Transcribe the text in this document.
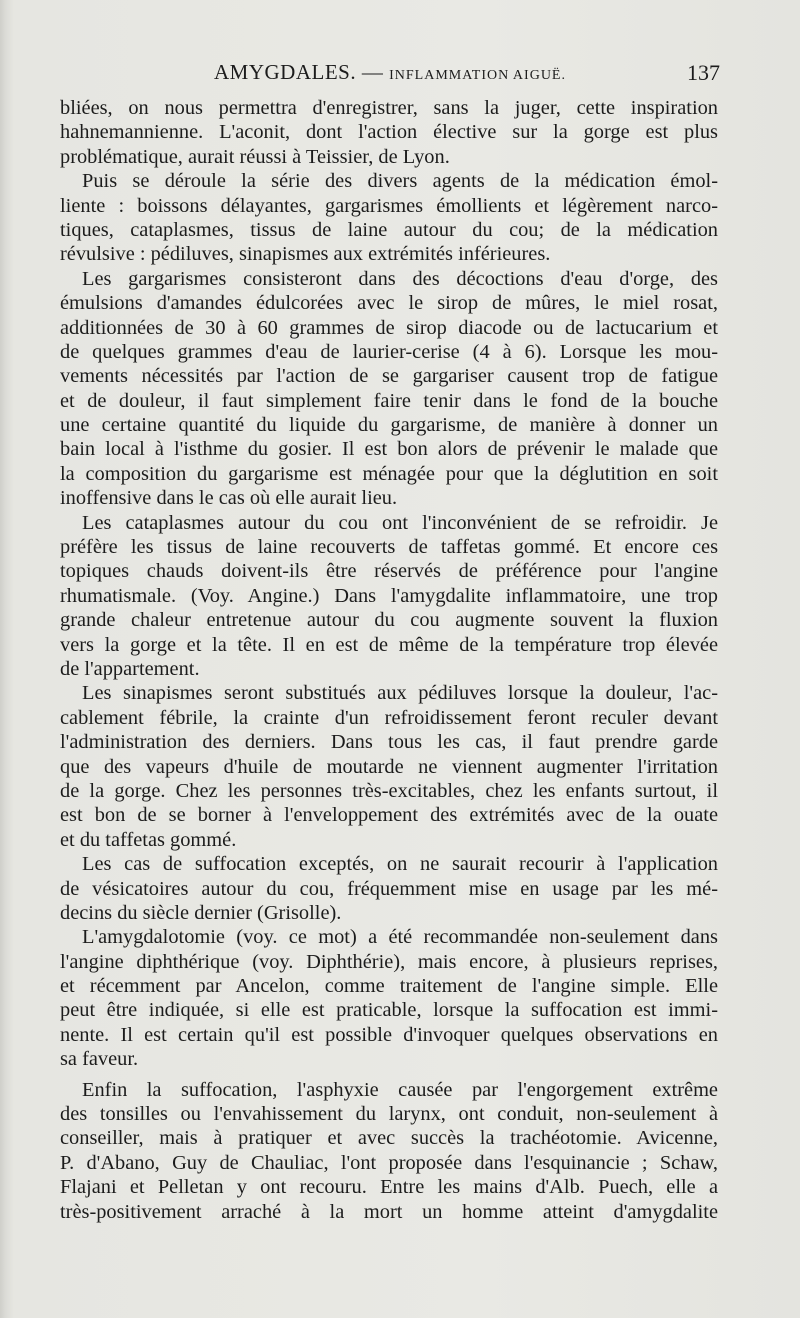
AMYGDALES. — INFLAMMATION AIGUË.	137
bliées, on nous permettra d'enregistrer, sans la juger, cette inspiration
hahnemannienne. L'aconit, dont l'action élective sur la gorge est plus
problématique, aurait réussi à Teissier, de Lyon.
Puis se déroule la série des divers agents de la médication émol-
liente : boissons délayantes, gargarismes émollients et légèrement narco-
tiques, cataplasmes, tissus de laine autour du cou; de la médication
révulsive : pédiluves, sinapismes aux extrémités inférieures.
Les gargarismes consisteront dans des décoctions d'eau d'orge, des
émulsions d'amandes édulcorées avec le sirop de mûres, le miel rosat,
additionnées de 30 à 60 grammes de sirop diacode ou de lactucarium et
de quelques grammes d'eau de laurier-cerise (4 à 6). Lorsque les mou-
vements nécessités par l'action de se gargariser causent trop de fatigue
et de douleur, il faut simplement faire tenir dans le fond de la bouche
une certaine quantité du liquide du gargarisme, de manière à donner un
bain local à l'isthme du gosier. Il est bon alors de prévenir le malade que
la composition du gargarisme est ménagée pour que la déglutition en soit
inoffensive dans le cas où elle aurait lieu.
Les cataplasmes autour du cou ont l'inconvénient de se refroidir. Je
préfère les tissus de laine recouverts de taffetas gommé. Et encore ces
topiques chauds doivent-ils être réservés de préférence pour l'angine
rhumatismale. (Voy. Angine.) Dans l'amygdalite inflammatoire, une trop
grande chaleur entretenue autour du cou augmente souvent la fluxion
vers la gorge et la tête. Il en est de même de la température trop élevée
de l'appartement.
Les sinapismes seront substitués aux pédiluves lorsque la douleur, l'ac-
cablement fébrile, la crainte d'un refroidissement feront reculer devant
l'administration des derniers. Dans tous les cas, il faut prendre garde
que des vapeurs d'huile de moutarde ne viennent augmenter l'irritation
de la gorge. Chez les personnes très-excitables, chez les enfants surtout, il
est bon de se borner à l'enveloppement des extrémités avec de la ouate
et du taffetas gommé.
Les cas de suffocation exceptés, on ne saurait recourir à l'application
de vésicatoires autour du cou, fréquemment mise en usage par les mé-
decins du siècle dernier (Grisolle).
L'amygdalotomie (voy. ce mot) a été recommandée non-seulement dans
l'angine diphthérique (voy. Diphthérie), mais encore, à plusieurs reprises,
et récemment par Ancelon, comme traitement de l'angine simple. Elle
peut être indiquée, si elle est praticable, lorsque la suffocation est immi-
nente. Il est certain qu'il est possible d'invoquer quelques observations en
sa faveur.
Enfin la suffocation, l'asphyxie causée par l'engorgement extrême
des tonsilles ou l'envahissement du larynx, ont conduit, non-seulement à
conseiller, mais à pratiquer et avec succès la trachéotomie. Avicenne,
P. d'Abano, Guy de Chauliac, l'ont proposée dans l'esquinancie ; Schaw,
Flajani et Pelletan y ont recouru. Entre les mains d'Alb. Puech, elle a
très-positivement arraché à la mort un homme atteint d'amygdalite
